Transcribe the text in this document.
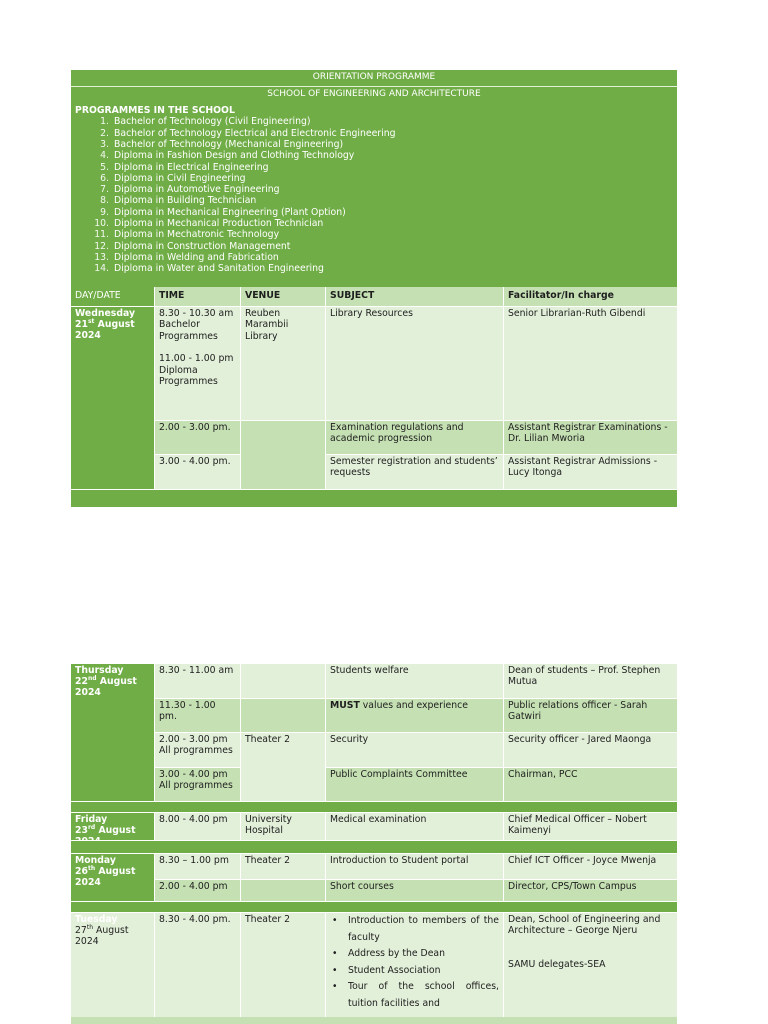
ORIENTATION PROGRAMME
SCHOOL OF ENGINEERING AND ARCHITECTURE
PROGRAMMES IN THE SCHOOL
1. Bachelor of Technology (Civil Engineering)
2. Bachelor of Technology Electrical and Electronic Engineering
3. Bachelor of Technology (Mechanical Engineering)
4. Diploma in Fashion Design and Clothing Technology
5. Diploma in Electrical Engineering
6. Diploma in Civil Engineering
7. Diploma in Automotive Engineering
8. Diploma in Building Technician
9. Diploma in Mechanical Engineering (Plant Option)
10. Diploma in Mechanical Production Technician
11. Diploma in Mechatronic Technology
12. Diploma in Construction Management
13. Diploma in Welding and Fabrication
14. Diploma in Water and Sanitation Engineering
DAY/DATE	TIME	VENUE	SUBJECT	Facilitator/In charge
Wednesday
21st August
2024
8.30 - 10.30 am
Bachelor Programmes
11.00 - 1.00 pm
Diploma Programmes
Reuben Marambii Library
Library Resources	Senior Librarian-Ruth Gibendi
2.00 - 3.00 pm.	Examination regulations and academic progression
Assistant Registrar Examinations - Dr. Lilian Mworia
3.00 - 4.00 pm.	Semester registration and students’ requests
Assistant Registrar Admissions - Lucy Itonga
Thursday
22nd August
2024
8.30 - 11.00 am	Students welfare	Dean of students – Prof. Stephen Mutua
11.30 - 1.00 pm.
MUST values and experience	Public relations officer - Sarah Gatwiri
2.00 - 3.00 pm All programmes
Theater 2	Security	Security officer - Jared Maonga
3.00 - 4.00 pm All programmes
Public Complaints Committee	Chairman, PCC
Friday
23rd August
8.00 - 4.00 pm	University Hospital
Medical examination	Chief Medical Officer – Nobert Kaimenyi
Monday
26th August
2024
8.30 – 1.00 pm	Theater 2	Introduction to Student portal	Chief ICT Officer - Joyce Mwenja
2.00 - 4.00 pm	Short courses	Director, CPS/Town Campus
Tuesday
27th August
2024
8.30 - 4.00 pm.	Theater 2
•	Introduction to members of the faculty
• Address by the Dean
• Student Association
• Tour of the school offices, tuition facilities and
Dean, School of Engineering and Architecture – George Njeru
SAMU delegates-SEA
